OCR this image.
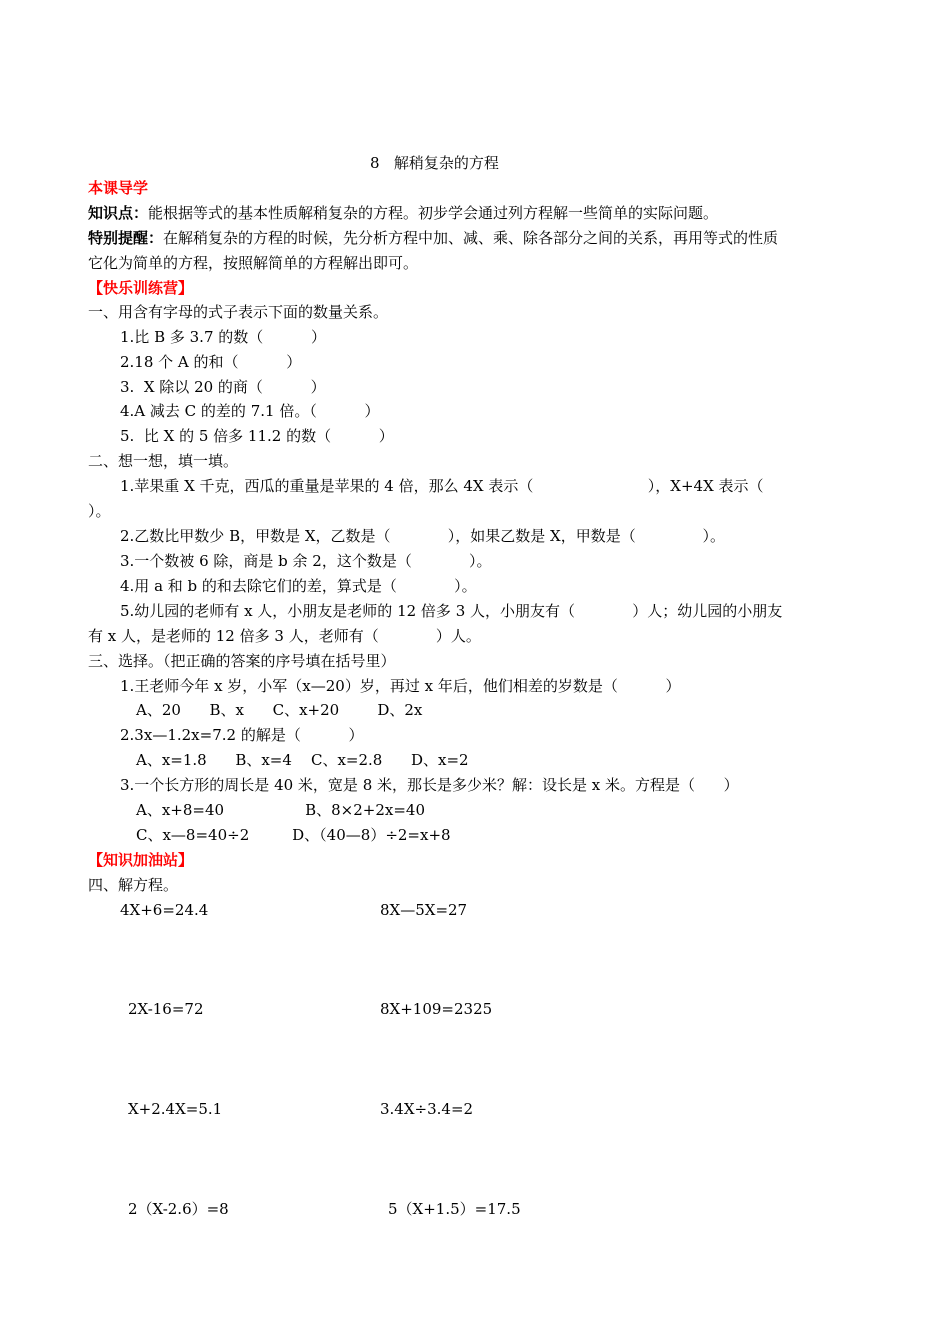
8   解稍复杂的方程
本课导学
知识点：能根据等式的基本性质解稍复杂的方程。初步学会通过列方程解一些简单的实际问题。
特别提醒：在解稍复杂的方程的时候，先分析方程中加、减、乘、除各部分之间的关系，再用等式的性质
它化为简单的方程，按照解简单的方程解出即可。
【快乐训练营】
一、用含有字母的式子表示下面的数量关系。
1.比 B 多 3.7 的数（          ）
2.18 个 A 的和（          ）
3.  X 除以 20 的商（          ）
4.A 减去 C 的差的 7.1 倍。（          ）
5.  比 X 的 5 倍多 11.2 的数（          ）
二、想一想，填一填。
1.苹果重 X 千克，西瓜的重量是苹果的 4 倍，那么 4X 表示（                        ），X+4X 表示（
）。
2.乙数比甲数少 B，甲数是 X，乙数是（            ），如果乙数是 X，甲数是（              ）。
3.一个数被 6 除，商是 b 余 2，这个数是（            ）。
4.用 a 和 b 的和去除它们的差，算式是（            ）。
5.幼儿园的老师有 x 人，小朋友是老师的 12 倍多 3 人，小朋友有（            ）人；幼儿园的小朋友
有 x 人，是老师的 12 倍多 3 人，老师有（            ）人。
三、选择。（把正确的答案的序号填在括号里）
1.王老师今年 x 岁，小军（x—20）岁，再过 x 年后，他们相差的岁数是（          ）
A、20      B、x      C、x+20        D、2x
2.3x—1.2x=7.2 的解是（          ）
A、x=1.8      B、x=4    C、x=2.8      D、x=2
3.一个长方形的周长是 40 米，宽是 8 米，那长是多少米？解：设长是 x 米。方程是（      ）
A、x+8=40                 B、8×2+2x=40
C、x—8=40÷2         D、（40—8）÷2=x+8
【知识加油站】
四、解方程。
4X+6=24.4	8X—5X=27
2X-16=72	8X+109=2325
X+2.4X=5.1	3.4X÷3.4=2
2（X-2.6）=8	5（X+1.5）=17.5
